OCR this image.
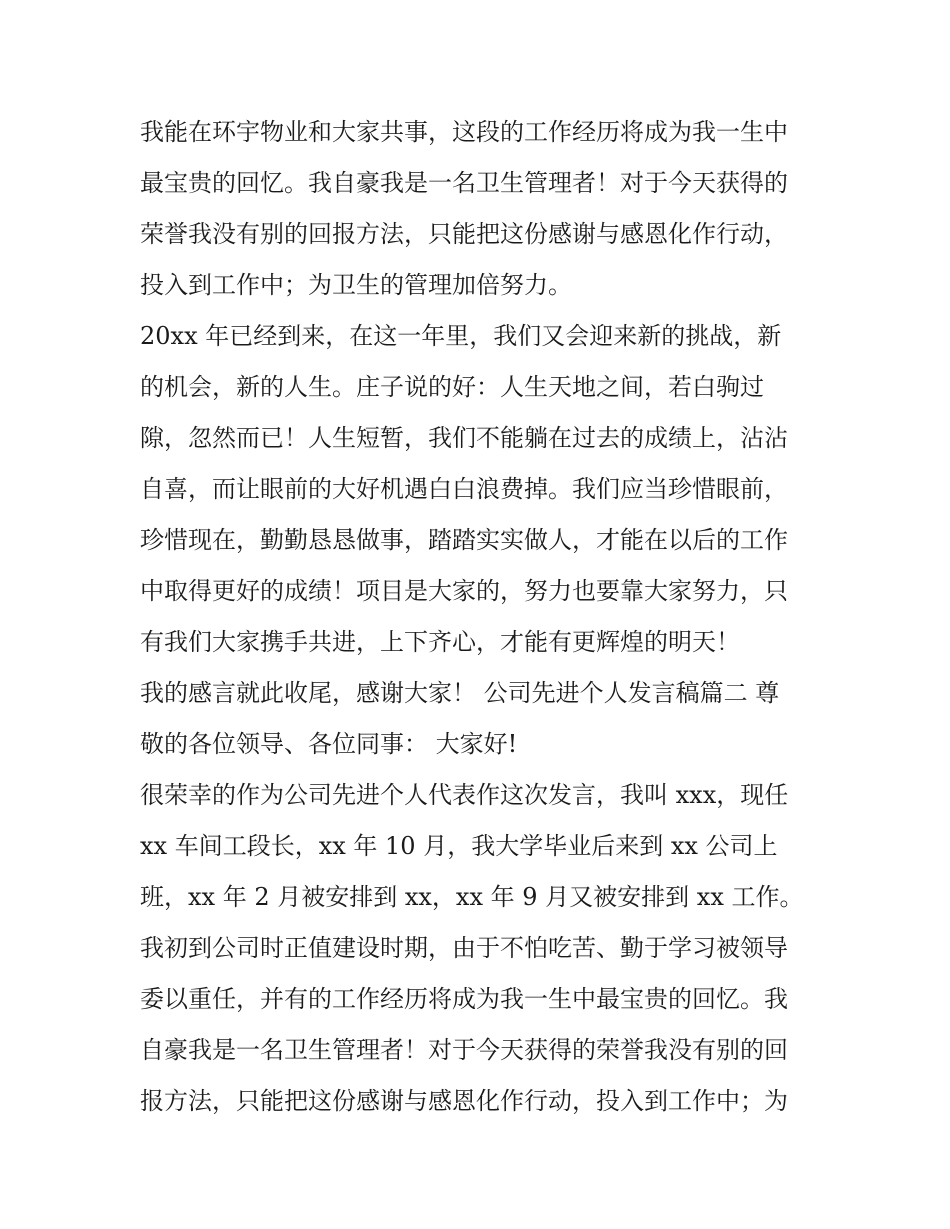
我能在环宇物业和大家共事，这段的工作经历将成为我一生中
最宝贵的回忆。我自豪我是一名卫生管理者！对于今天获得的
荣誉我没有别的回报方法，只能把这份感谢与感恩化作行动，
投入到工作中；为卫生的管理加倍努力。
20xx 年已经到来，在这一年里，我们又会迎来新的挑战，新
的机会，新的人生。庄子说的好：人生天地之间，若白驹过
隙，忽然而已！人生短暂，我们不能躺在过去的成绩上，沾沾
自喜，而让眼前的大好机遇白白浪费掉。我们应当珍惜眼前，
珍惜现在，勤勤恳恳做事，踏踏实实做人，才能在以后的工作
中取得更好的成绩！项目是大家的，努力也要靠大家努力，只
有我们大家携手共进，上下齐心，才能有更辉煌的明天！
我的感言就此收尾，感谢大家！ 公司先进个人发言稿篇二 尊
敬的各位领导、各位同事： 大家好!
很荣幸的作为公司先进个人代表作这次发言，我叫 xxx，现任
xx 车间工段长，xx 年 10 月，我大学毕业后来到 xx 公司上
班，xx 年 2 月被安排到 xx，xx 年 9 月又被安排到 xx 工作。
我初到公司时正值建设时期，由于不怕吃苦、勤于学习被领导
委以重任，并有的工作经历将成为我一生中最宝贵的回忆。我
自豪我是一名卫生管理者！对于今天获得的荣誉我没有别的回
报方法，只能把这份感谢与感恩化作行动，投入到工作中；为
